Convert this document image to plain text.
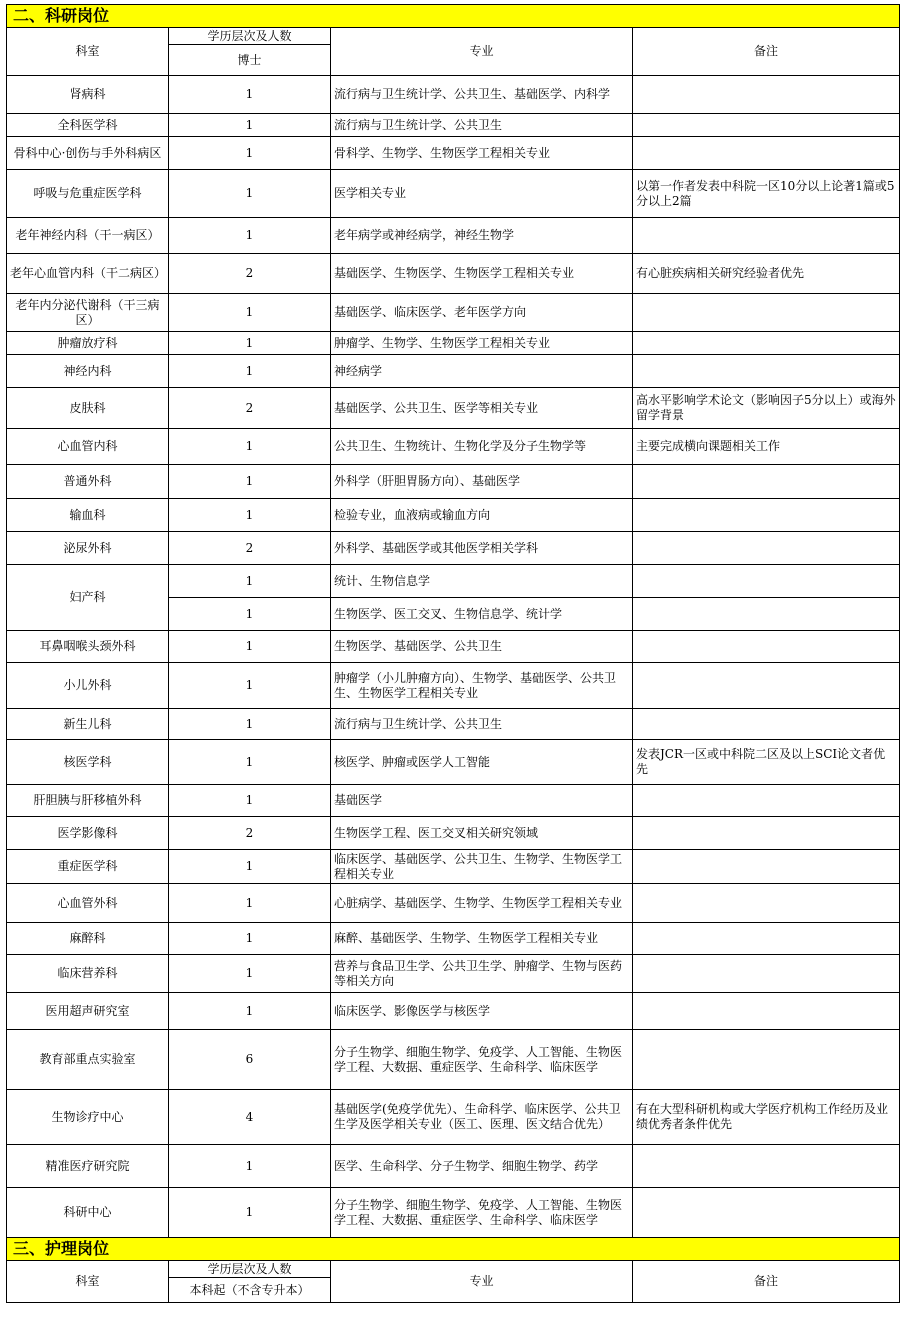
二、科研岗位			
科室	学历层次及人数	专业	备注
	博士		
肾病科	1	流行病与卫生统计学、公共卫生、基础医学、内科学	
全科医学科	1	流行病与卫生统计学、公共卫生	
骨科中心·创伤与手外科病区	1	骨科学、生物学、生物医学工程相关专业	
呼吸与危重症医学科	1	医学相关专业	以第一作者发表中科院一区10分以上论著1篇或5分以上2篇
老年神经内科（干一病区）	1	老年病学或神经病学，神经生物学	
老年心血管内科（干二病区）	2	基础医学、生物医学、生物医学工程相关专业	有心脏疾病相关研究经验者优先
老年内分泌代谢科（干三病区）	1	基础医学、临床医学、老年医学方向	
肿瘤放疗科	1	肿瘤学、生物学、生物医学工程相关专业	
神经内科	1	神经病学	
皮肤科	2	基础医学、公共卫生、医学等相关专业	高水平影响学术论文（影响因子5分以上）或海外留学背景
心血管内科	1	公共卫生、生物统计、生物化学及分子生物学等	主要完成横向课题相关工作
普通外科	1	外科学（肝胆胃肠方向）、基础医学	
输血科	1	检验专业，血液病或输血方向	
泌尿外科	2	外科学、基础医学或其他医学相关学科	
妇产科	1	统计、生物信息学	
	1	生物医学、医工交叉、生物信息学、统计学	
耳鼻咽喉头颈外科	1	生物医学、基础医学、公共卫生	
小儿外科	1	肿瘤学（小儿肿瘤方向）、生物学、基础医学、公共卫生、生物医学工程相关专业	
新生儿科	1	流行病与卫生统计学、公共卫生	
核医学科	1	核医学、肿瘤或医学人工智能	发表JCR一区或中科院二区及以上SCI论文者优先
肝胆胰与肝移植外科	1	基础医学	
医学影像科	2	生物医学工程、医工交叉相关研究领域	
重症医学科	1	临床医学、基础医学、公共卫生、生物学、生物医学工程相关专业	
心血管外科	1	心脏病学、基础医学、生物学、生物医学工程相关专业	
麻醉科	1	麻醉、基础医学、生物学、生物医学工程相关专业	
临床营养科	1	营养与食品卫生学、公共卫生学、肿瘤学、生物与医药等相关方向	
医用超声研究室	1	临床医学、影像医学与核医学	
教育部重点实验室	6	分子生物学、细胞生物学、免疫学、人工智能、生物医学工程、大数据、重症医学、生命科学、临床医学	
生物诊疗中心	4	基础医学(免疫学优先）、生命科学、临床医学、公共卫生学及医学相关专业（医工、医理、医文结合优先）	有在大型科研机构或大学医疗机构工作经历及业绩优秀者条件优先
精准医疗研究院	1	医学、生命科学、分子生物学、细胞生物学、药学	
科研中心	1	分子生物学、细胞生物学、免疫学、人工智能、生物医学工程、大数据、重症医学、生命科学、临床医学	
三、护理岗位			
科室	学历层次及人数	专业	备注
	本科起（不含专升本）		
